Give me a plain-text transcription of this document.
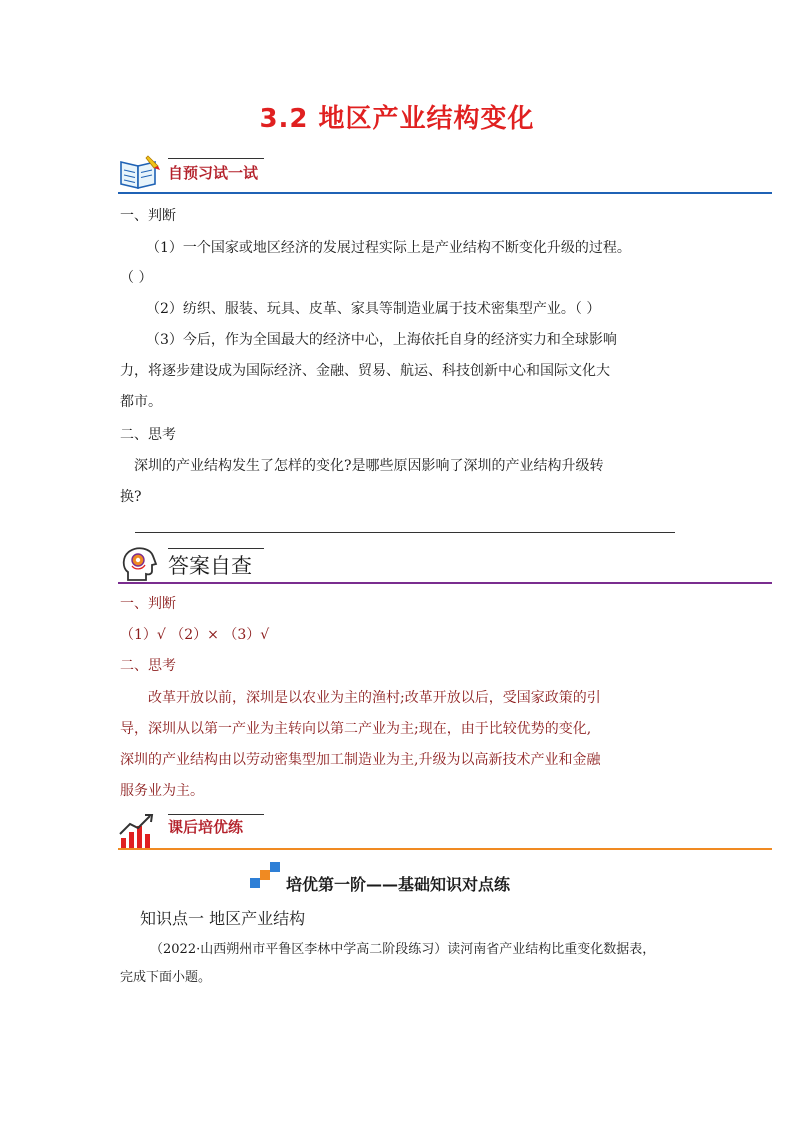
3.2 地区产业结构变化
自预习试一试
一、判断
（1）一个国家或地区经济的发展过程实际上是产业结构不断变化升级的过程。
（ ）
（2）纺织、服装、玩具、皮革、家具等制造业属于技术密集型产业。（ ）
（3）今后，作为全国最大的经济中心，上海依托自身的经济实力和全球影响
力，将逐步建设成为国际经济、金融、贸易、航运、科技创新中心和国际文化大
都市。
二、思考
深圳的产业结构发生了怎样的变化?是哪些原因影响了深圳的产业结构升级转
换?
答案自查
一、判断
（1）√ （2）× （3）√
二、思考
改革开放以前，深圳是以农业为主的渔村;改革开放以后，受国家政策的引
导，深圳从以第一产业为主转向以第二产业为主;现在，由于比较优势的变化,
深圳的产业结构由以劳动密集型加工制造业为主,升级为以高新技术产业和金融
服务业为主。
课后培优练
培优第一阶——基础知识对点练
知识点一 地区产业结构
（2022·山西朔州市平鲁区李林中学高二阶段练习）读河南省产业结构比重变化数据表，
完成下面小题。
